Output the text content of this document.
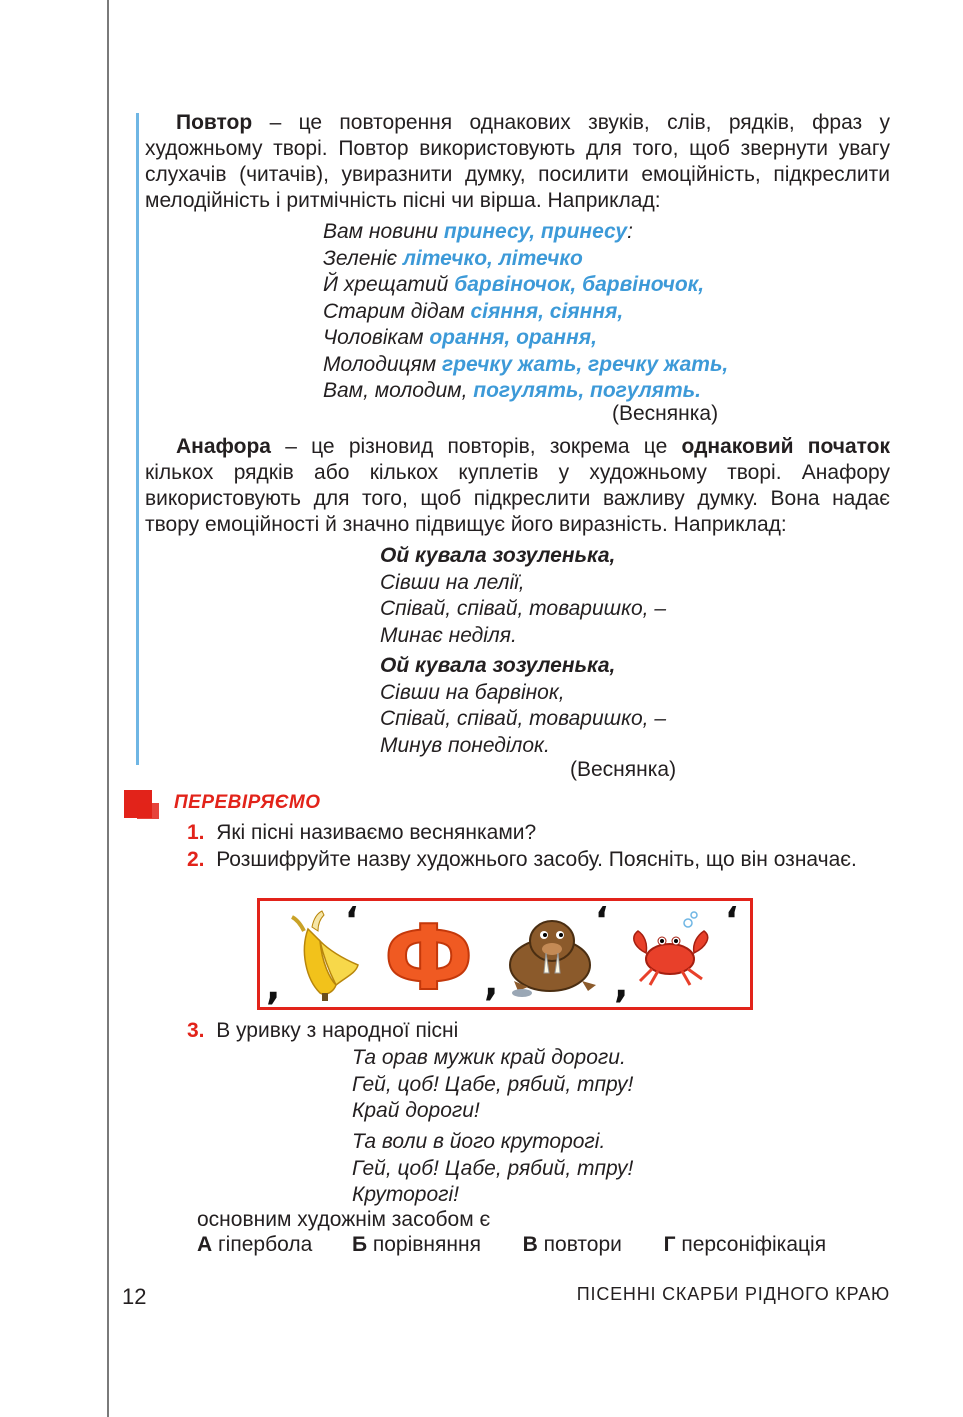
Повтор – це повторення однакових звуків, слів, рядків, фраз у художньому творі. Повтор використовують для того, щоб звернути увагу слухачів (читачів), увиразнити думку, посилити емоційність, підкреслити мелодійність і ритмічність пісні чи вірша. Наприклад:
Вам новини принесу, принесу:
Зеленіє літечко, літечко
Й хрещатий барвіночок, барвіночок,
Старим дідам сіяння, сіяння,
Чоловікам орання, орання,
Молодицям гречку жать, гречку жать,
Вам, молодим, погулять, погулять.
(Веснянка)
Анафора – це різновид повторів, зокрема це однаковий початок кількох рядків або кількох куплетів у художньому творі. Анафору використовують для того, щоб підкреслити важливу думку. Вона надає твору емоційності й значно підвищує його виразність. Наприклад:
Ой кувала зозуленька,
Сівши на лелії,
Співай, співай, товаришко, –
Минає неділя.
Ой кувала зозуленька,
Сівши на барвінок,
Співай, співай, товаришко, –
Минув понеділок.
(Веснянка)
ПЕРЕВІРЯЄМО
1. Які пісні називаємо веснянками?
2. Розшифруйте назву художнього засобу. Поясніть, що він означає.
,
, Ф ,
,
,
,
3. В уривку з народної пісні
Та орав мужик край дороги.
Гей, цоб! Цабе, рябий, тпру!
Край дороги!
Та воли в його круторогі.
Гей, цоб! Цабе, рябий, тпру!
Круторогі!
основним художнім засобом є
А гіпербола Б порівняння В повтори Г персоніфікація
12	ПІСЕННІ СКАРБИ РІДНОГО КРАЮ
